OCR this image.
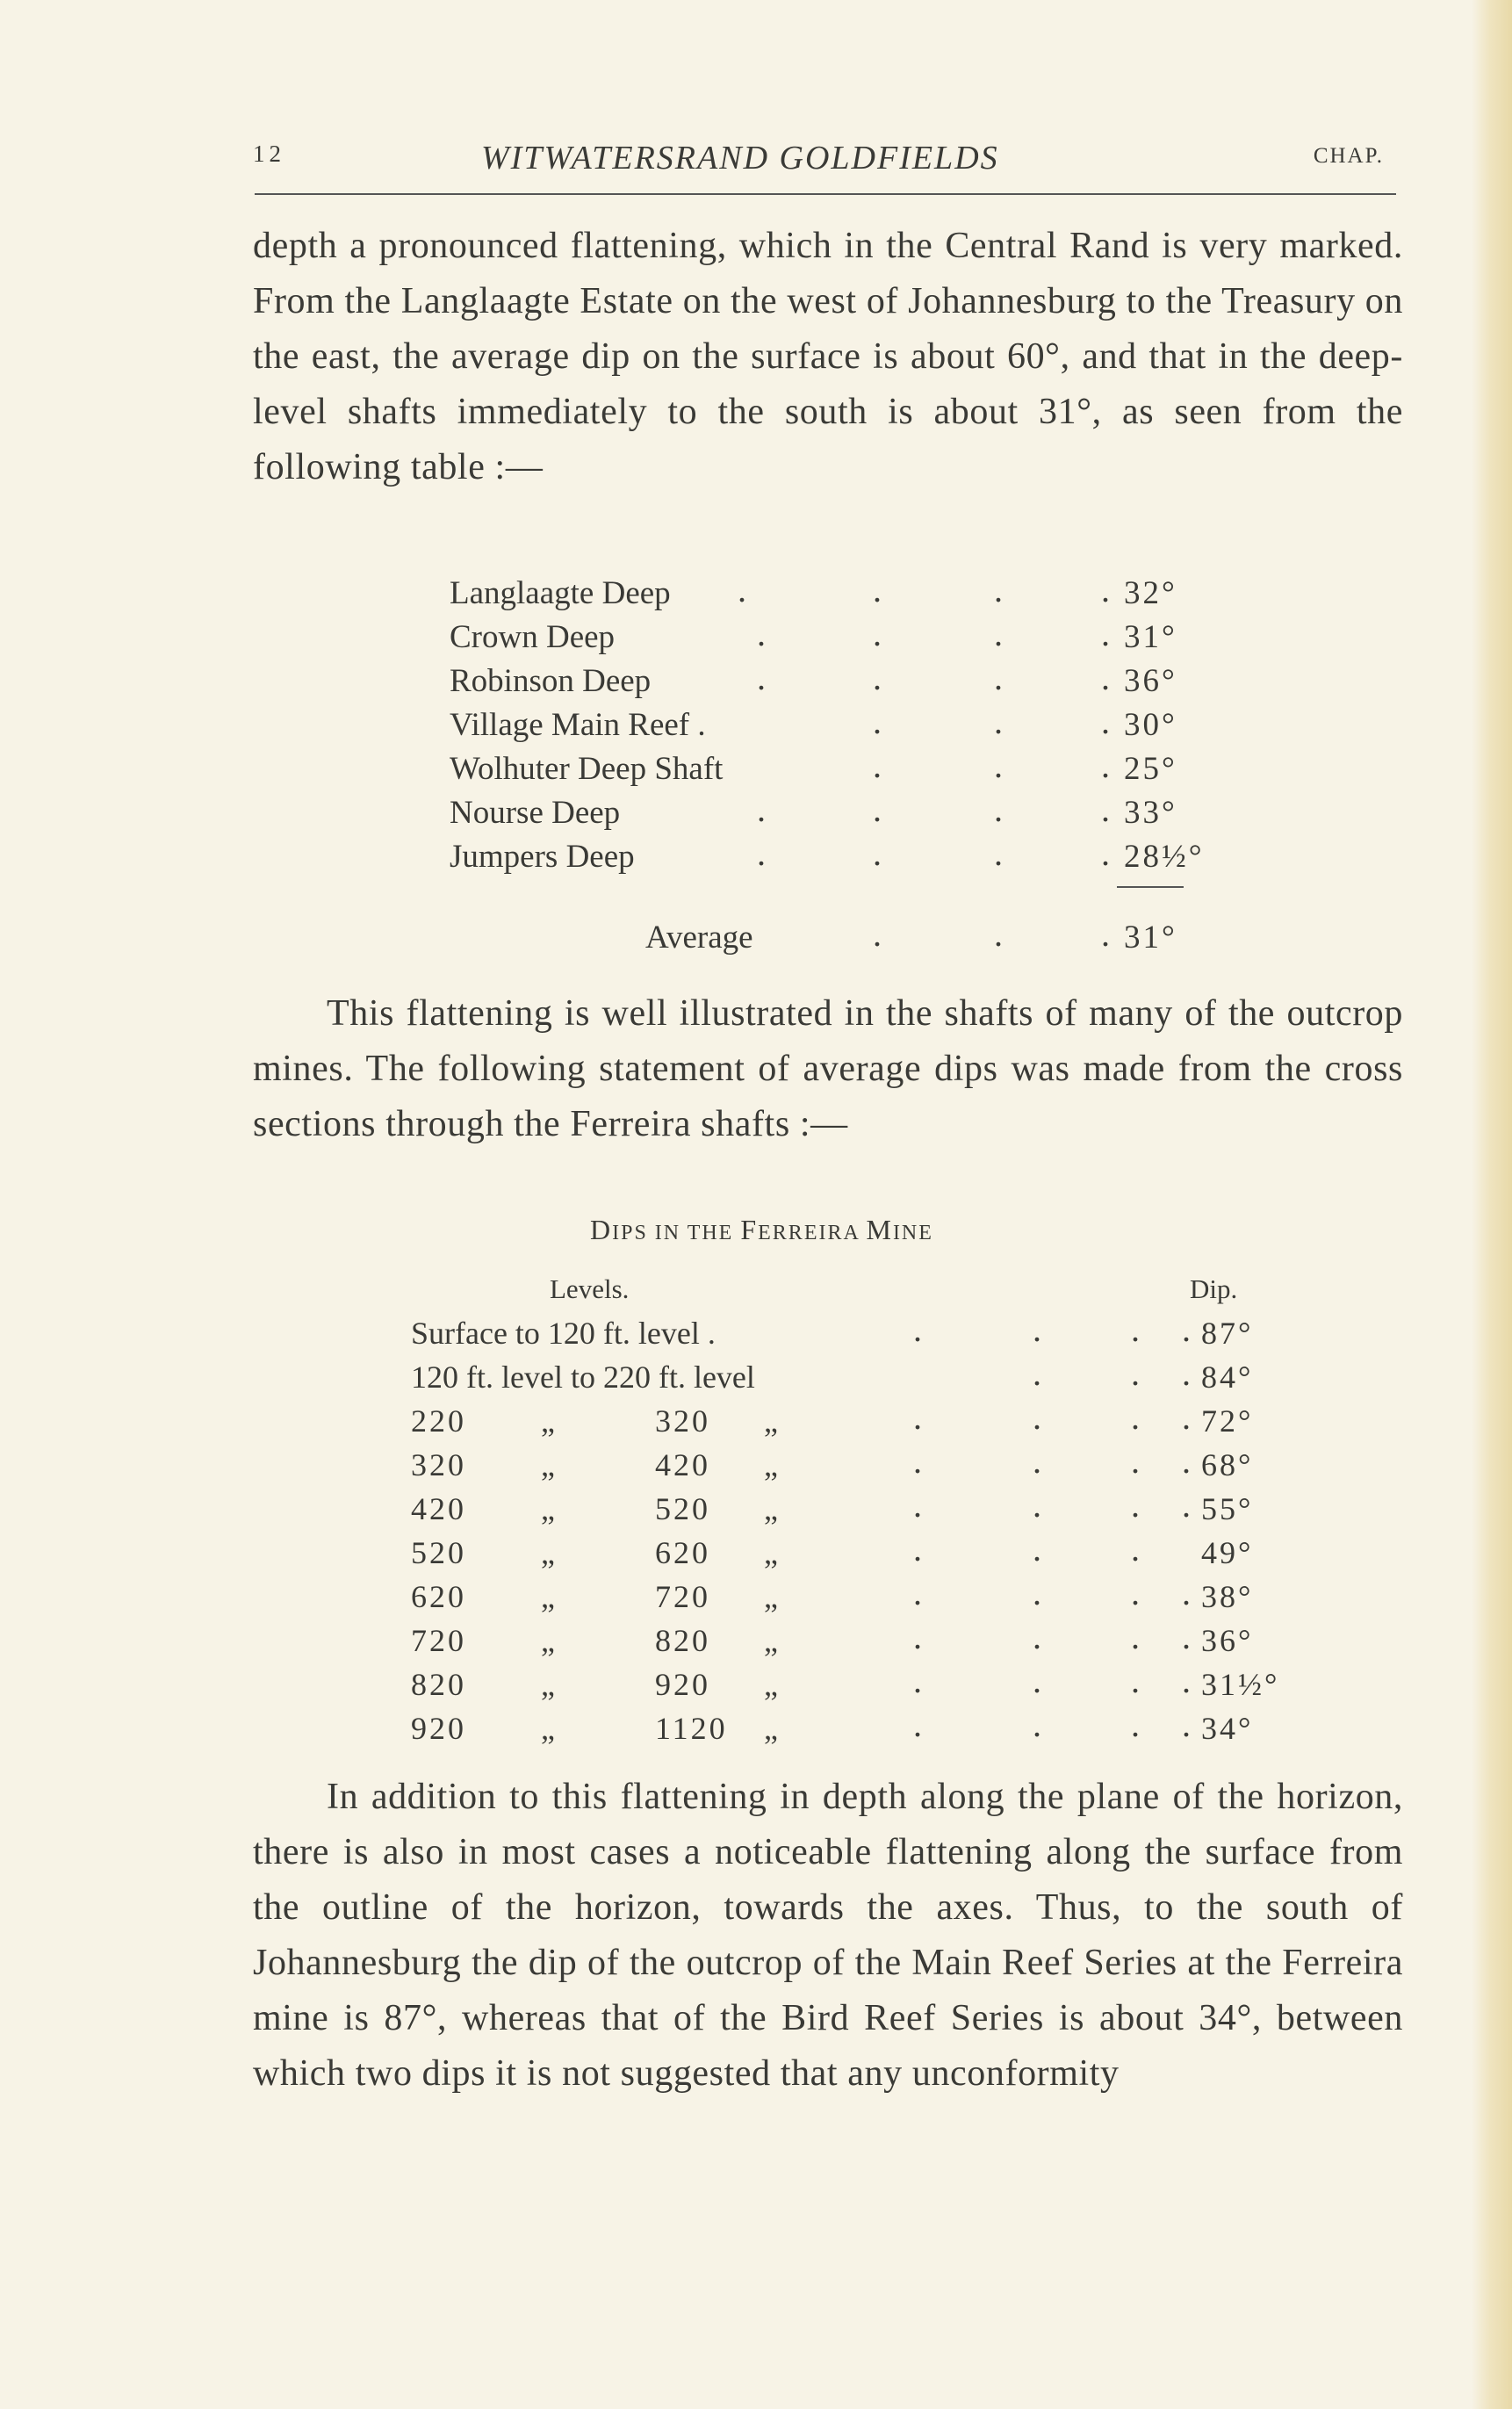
12	WITWATERSRAND GOLDFIELDS	CHAP.
depth a pronounced flattening, which in the Central Rand is very marked. From the Langlaagte Estate on the west of Johannesburg to the Treasury on the east, the average dip on the surface is about 60°, and that in the deep-level shafts immediately to the south is about 31°, as seen from the following table :—
Langlaagte Deep .	.	.	. 32°
Crown Deep	.	.	.	. 31°
Robinson Deep	.	.	.	. 36°
Village Main Reef .	.	.	. 30°
Wolhuter Deep Shaft	.	.	. 25°
Nourse Deep	.	.	.	. 33°
Jumpers Deep	.	.	.	. 28½°
Average	.	.	. 31°
This flattening is well illustrated in the shafts of many of the outcrop mines. The following statement of average dips was made from the cross sections through the Ferreira shafts :—
DIPS IN THE FERREIRA MINE
Levels.	Dip.
Surface to 120 ft. level .	.	.	. . 87°
120 ft. level to 220 ft. level	.	. . 84°
220 „	320 „	.	.	. . 72°
320 „	420 „	.	.	. . 68°
420 „	520 „	.	.	. . 55°
520 „	620 „	.	.	. 49°
620 „	720 „	.	.	. . 38°
720 „	820 „	.	.	. . 36°
820 „	920 „	.	.	. . 31½°
920 „	1120 „	.	.	. . 34°
In addition to this flattening in depth along the plane of the horizon, there is also in most cases a noticeable flattening along the surface from the outline of the horizon, towards the axes. Thus, to the south of Johannesburg the dip of the outcrop of the Main Reef Series at the Ferreira mine is 87°, whereas that of the Bird Reef Series is about 34°, between which two dips it is not suggested that any unconformity
